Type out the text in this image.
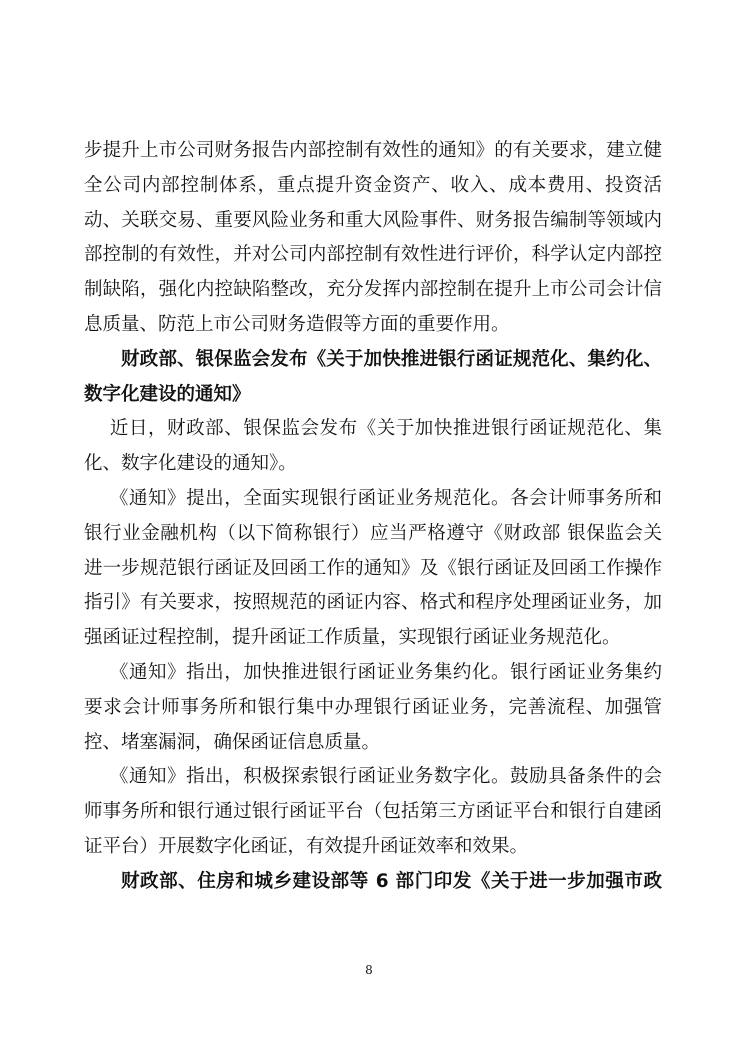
步提升上市公司财务报告内部控制有效性的通知》的有关要求，建立健
全公司内部控制体系，重点提升资金资产、收入、成本费用、投资活
动、关联交易、重要风险业务和重大风险事件、财务报告编制等领域内
部控制的有效性，并对公司内部控制有效性进行评价，科学认定内部控
制缺陷，强化内控缺陷整改，充分发挥内部控制在提升上市公司会计信
息质量、防范上市公司财务造假等方面的重要作用。
财政部、银保监会发布《关于加快推进银行函证规范化、集约化、
数字化建设的通知》
近日，财政部、银保监会发布《关于加快推进银行函证规范化、集
化、数字化建设的通知》。
《通知》提出，全面实现银行函证业务规范化。各会计师事务所和
银行业金融机构（以下简称银行）应当严格遵守《财政部 银保监会关
进一步规范银行函证及回函工作的通知》及《银行函证及回函工作操作
指引》有关要求，按照规范的函证内容、格式和程序处理函证业务，加
强函证过程控制，提升函证工作质量，实现银行函证业务规范化。
《通知》指出，加快推进银行函证业务集约化。银行函证业务集约
要求会计师事务所和银行集中办理银行函证业务，完善流程、加强管
控、堵塞漏洞，确保函证信息质量。
《通知》指出，积极探索银行函证业务数字化。鼓励具备条件的会
师事务所和银行通过银行函证平台（包括第三方函证平台和银行自建函
证平台）开展数字化函证，有效提升函证效率和效果。
财政部、住房和城乡建设部等 6 部门印发《关于进一步加强市政
8
